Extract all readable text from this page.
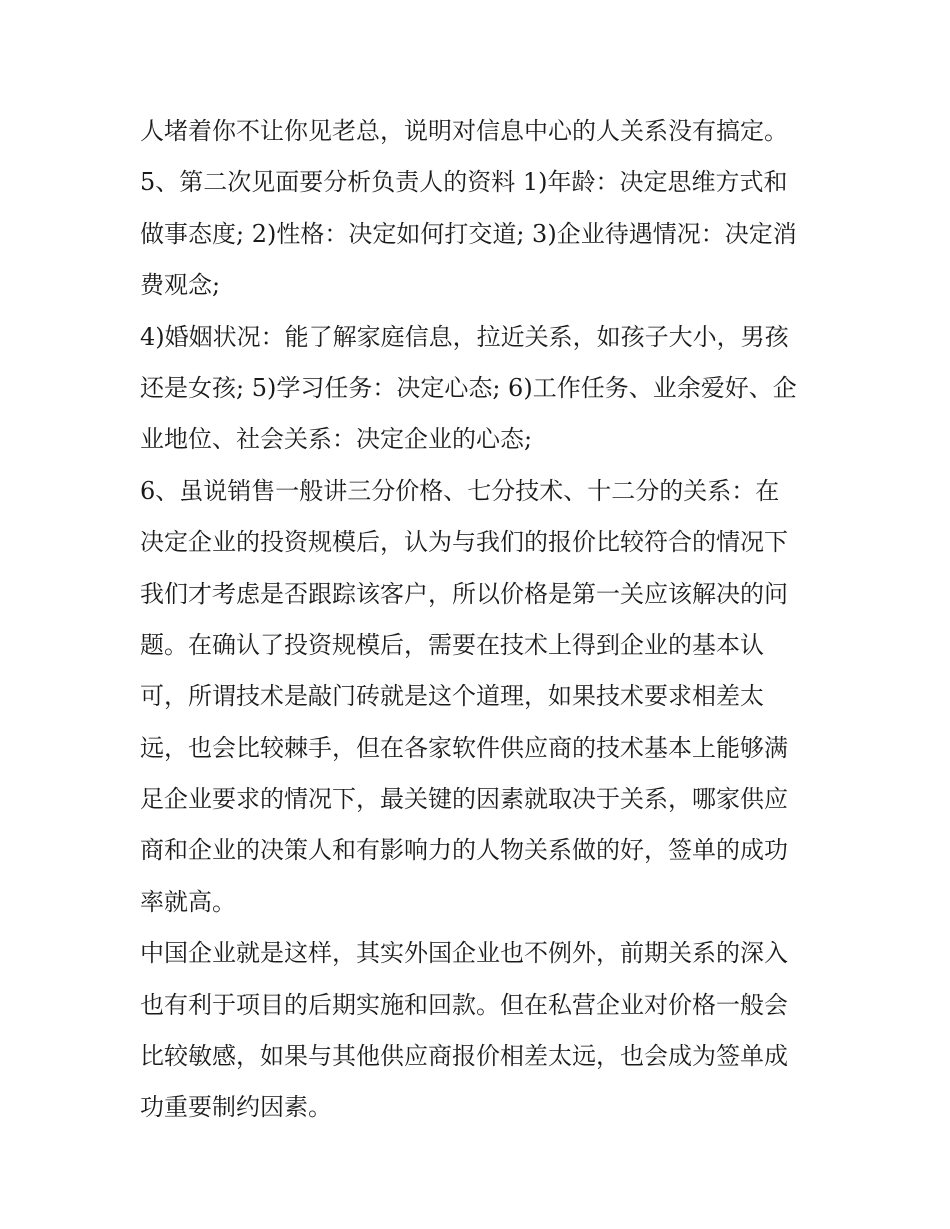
人堵着你不让你见老总，说明对信息中心的人关系没有搞定。
5、第二次见面要分析负责人的资料 1)年龄：决定思维方式和
做事态度; 2)性格：决定如何打交道; 3)企业待遇情况：决定消
费观念;
4)婚姻状况：能了解家庭信息，拉近关系，如孩子大小，男孩
还是女孩; 5)学习任务：决定心态; 6)工作任务、业余爱好、企
业地位、社会关系：决定企业的心态;
6、虽说销售一般讲三分价格、七分技术、十二分的关系：在
决定企业的投资规模后，认为与我们的报价比较符合的情况下
我们才考虑是否跟踪该客户，所以价格是第一关应该解决的问
题。在确认了投资规模后，需要在技术上得到企业的基本认
可，所谓技术是敲门砖就是这个道理，如果技术要求相差太
远，也会比较棘手，但在各家软件供应商的技术基本上能够满
足企业要求的情况下，最关键的因素就取决于关系，哪家供应
商和企业的决策人和有影响力的人物关系做的好，签单的成功
率就高。
中国企业就是这样，其实外国企业也不例外，前期关系的深入
也有利于项目的后期实施和回款。但在私营企业对价格一般会
比较敏感，如果与其他供应商报价相差太远，也会成为签单成
功重要制约因素。
